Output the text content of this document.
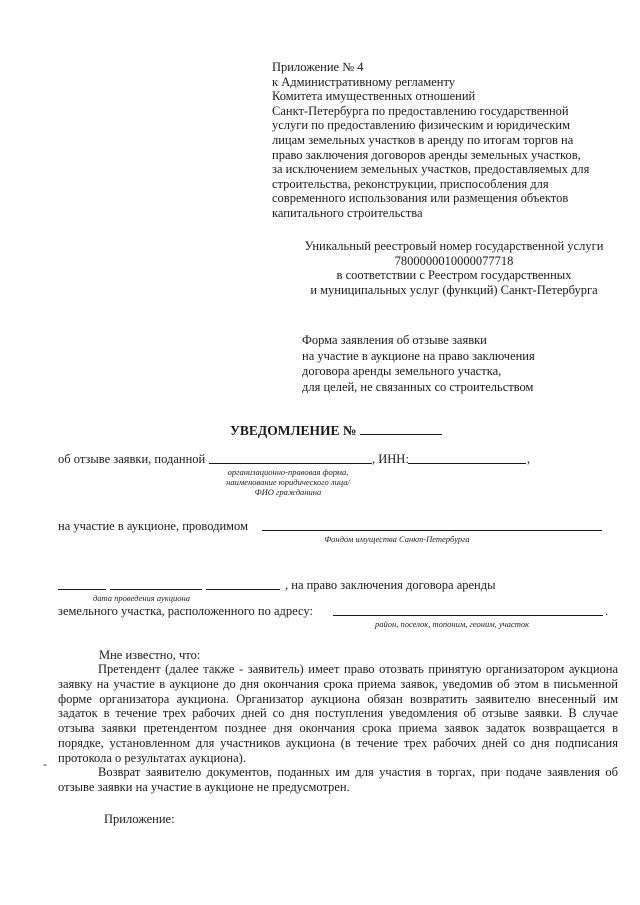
Приложение № 4
к Административному регламенту
Комитета имущественных отношений
Санкт-Петербурга по предоставлению государственной
услуги по предоставлению физическим и юридическим
лицам земельных участков в аренду по итогам торгов на
право заключения договоров аренды земельных участков,
за исключением земельных участков, предоставляемых для
строительства, реконструкции, приспособления для
современного использования или размещения объектов
капитального строительства
Уникальный реестровый номер государственной услуги
7800000010000077718
в соответствии с Реестром государственных
и муниципальных услуг (функций) Санкт-Петербурга
Форма заявления об отзыве заявки
на участие в аукционе на право заключения
договора аренды земельного участка,
для целей, не связанных со строительством
УВЕДОМЛЕНИЕ №
об отзыве заявки, поданной	, ИНН:	,
организационно-правовая форма,
наименование юридического лица/
ФИО гражданина
на участие в аукционе, проводимом
Фондом имущества Санкт-Петербурга
, на право заключения договора аренды
дата проведения аукциона
земельного участка, расположенного по адресу:	.
район, поселок, топоним, геоним, участок
Мне известно, что:

Претендент (далее также - заявитель) имеет право отозвать принятую организатором аукциона заявку на участие в аукционе до дня окончания срока приема заявок, уведомив об этом в письменной форме организатора аукциона. Организатор аукциона обязан возвратить заявителю внесенный им задаток в течение трех рабочих дней со дня поступления уведомления об отзыве заявки. В случае отзыва заявки претендентом позднее дня окончания срока приема заявок задаток возвращается в порядке, установленном для участников аукциона (в течение трех рабочих дней со дня подписания протокола о результатах аукциона).

Возврат заявителю документов, поданных им для участия в торгах, при подаче заявления об отзыве заявки на участие в аукционе не предусмотрен.

-
Приложение:
